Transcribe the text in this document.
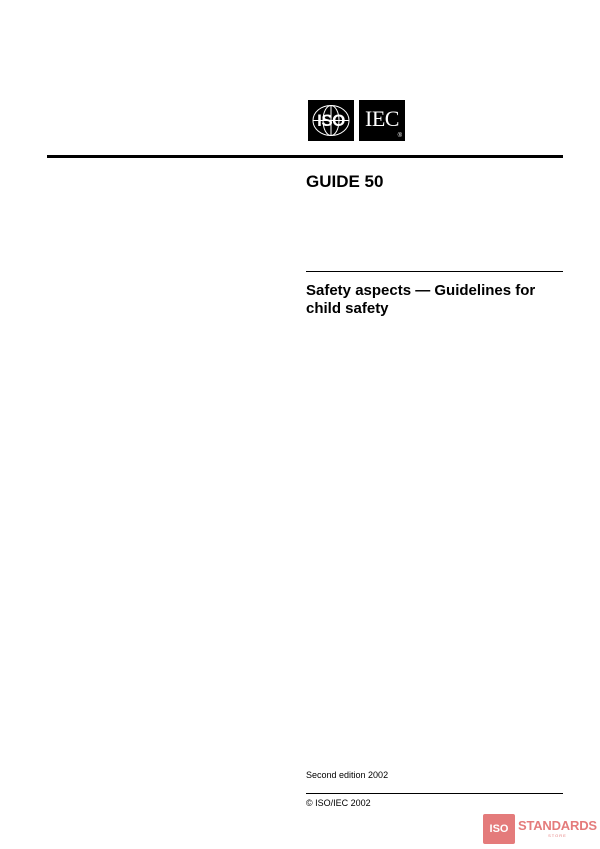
ISO IEC
®
GUIDE 50
Safety aspects — Guidelines for child safety
Second edition 2002
© ISO/IEC 2002
ISO STANDARDS
STORE
